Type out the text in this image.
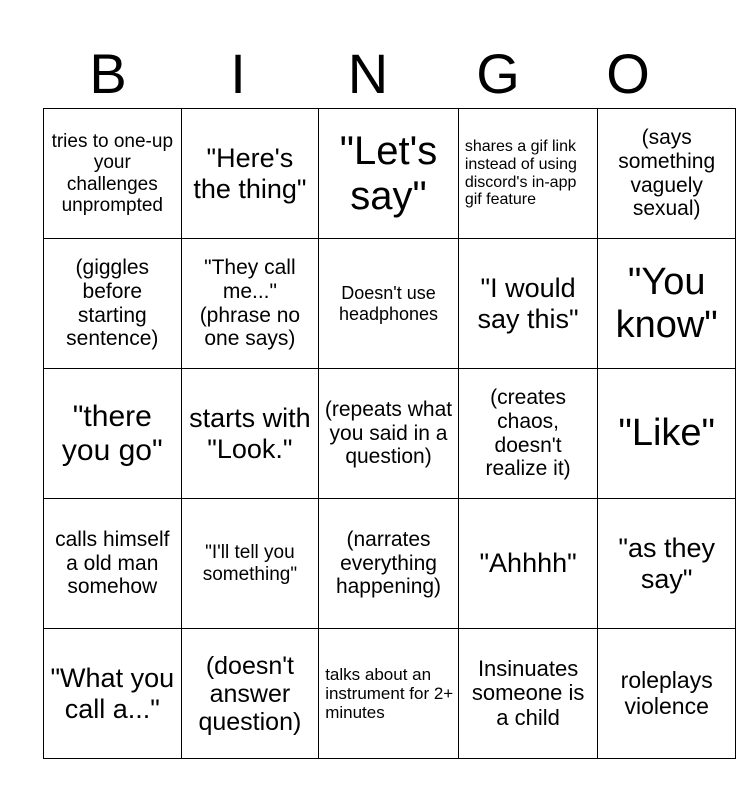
B	I	N	G	O
tries to one-up your challenges unprompted	"Here's the thing"	"Let's say"	shares a gif link instead of using discord's in-app gif feature	(says something vaguely sexual)

(giggles before starting sentence)	"They call me..." (phrase no one says)	Doesn't use headphones	"I would say this"	"You know"

"there you go"	starts with "Look."	(repeats what you said in a question)	(creates chaos, doesn't realize it)	"Like"

calls himself a old man somehow	"I'll tell you something"	(narrates everything happening)	"Ahhhh"	"as they say"

"What you call a..."	(doesn't answer question)	talks about an instrument for 2+ minutes	Insinuates someone is a child	roleplays violence
